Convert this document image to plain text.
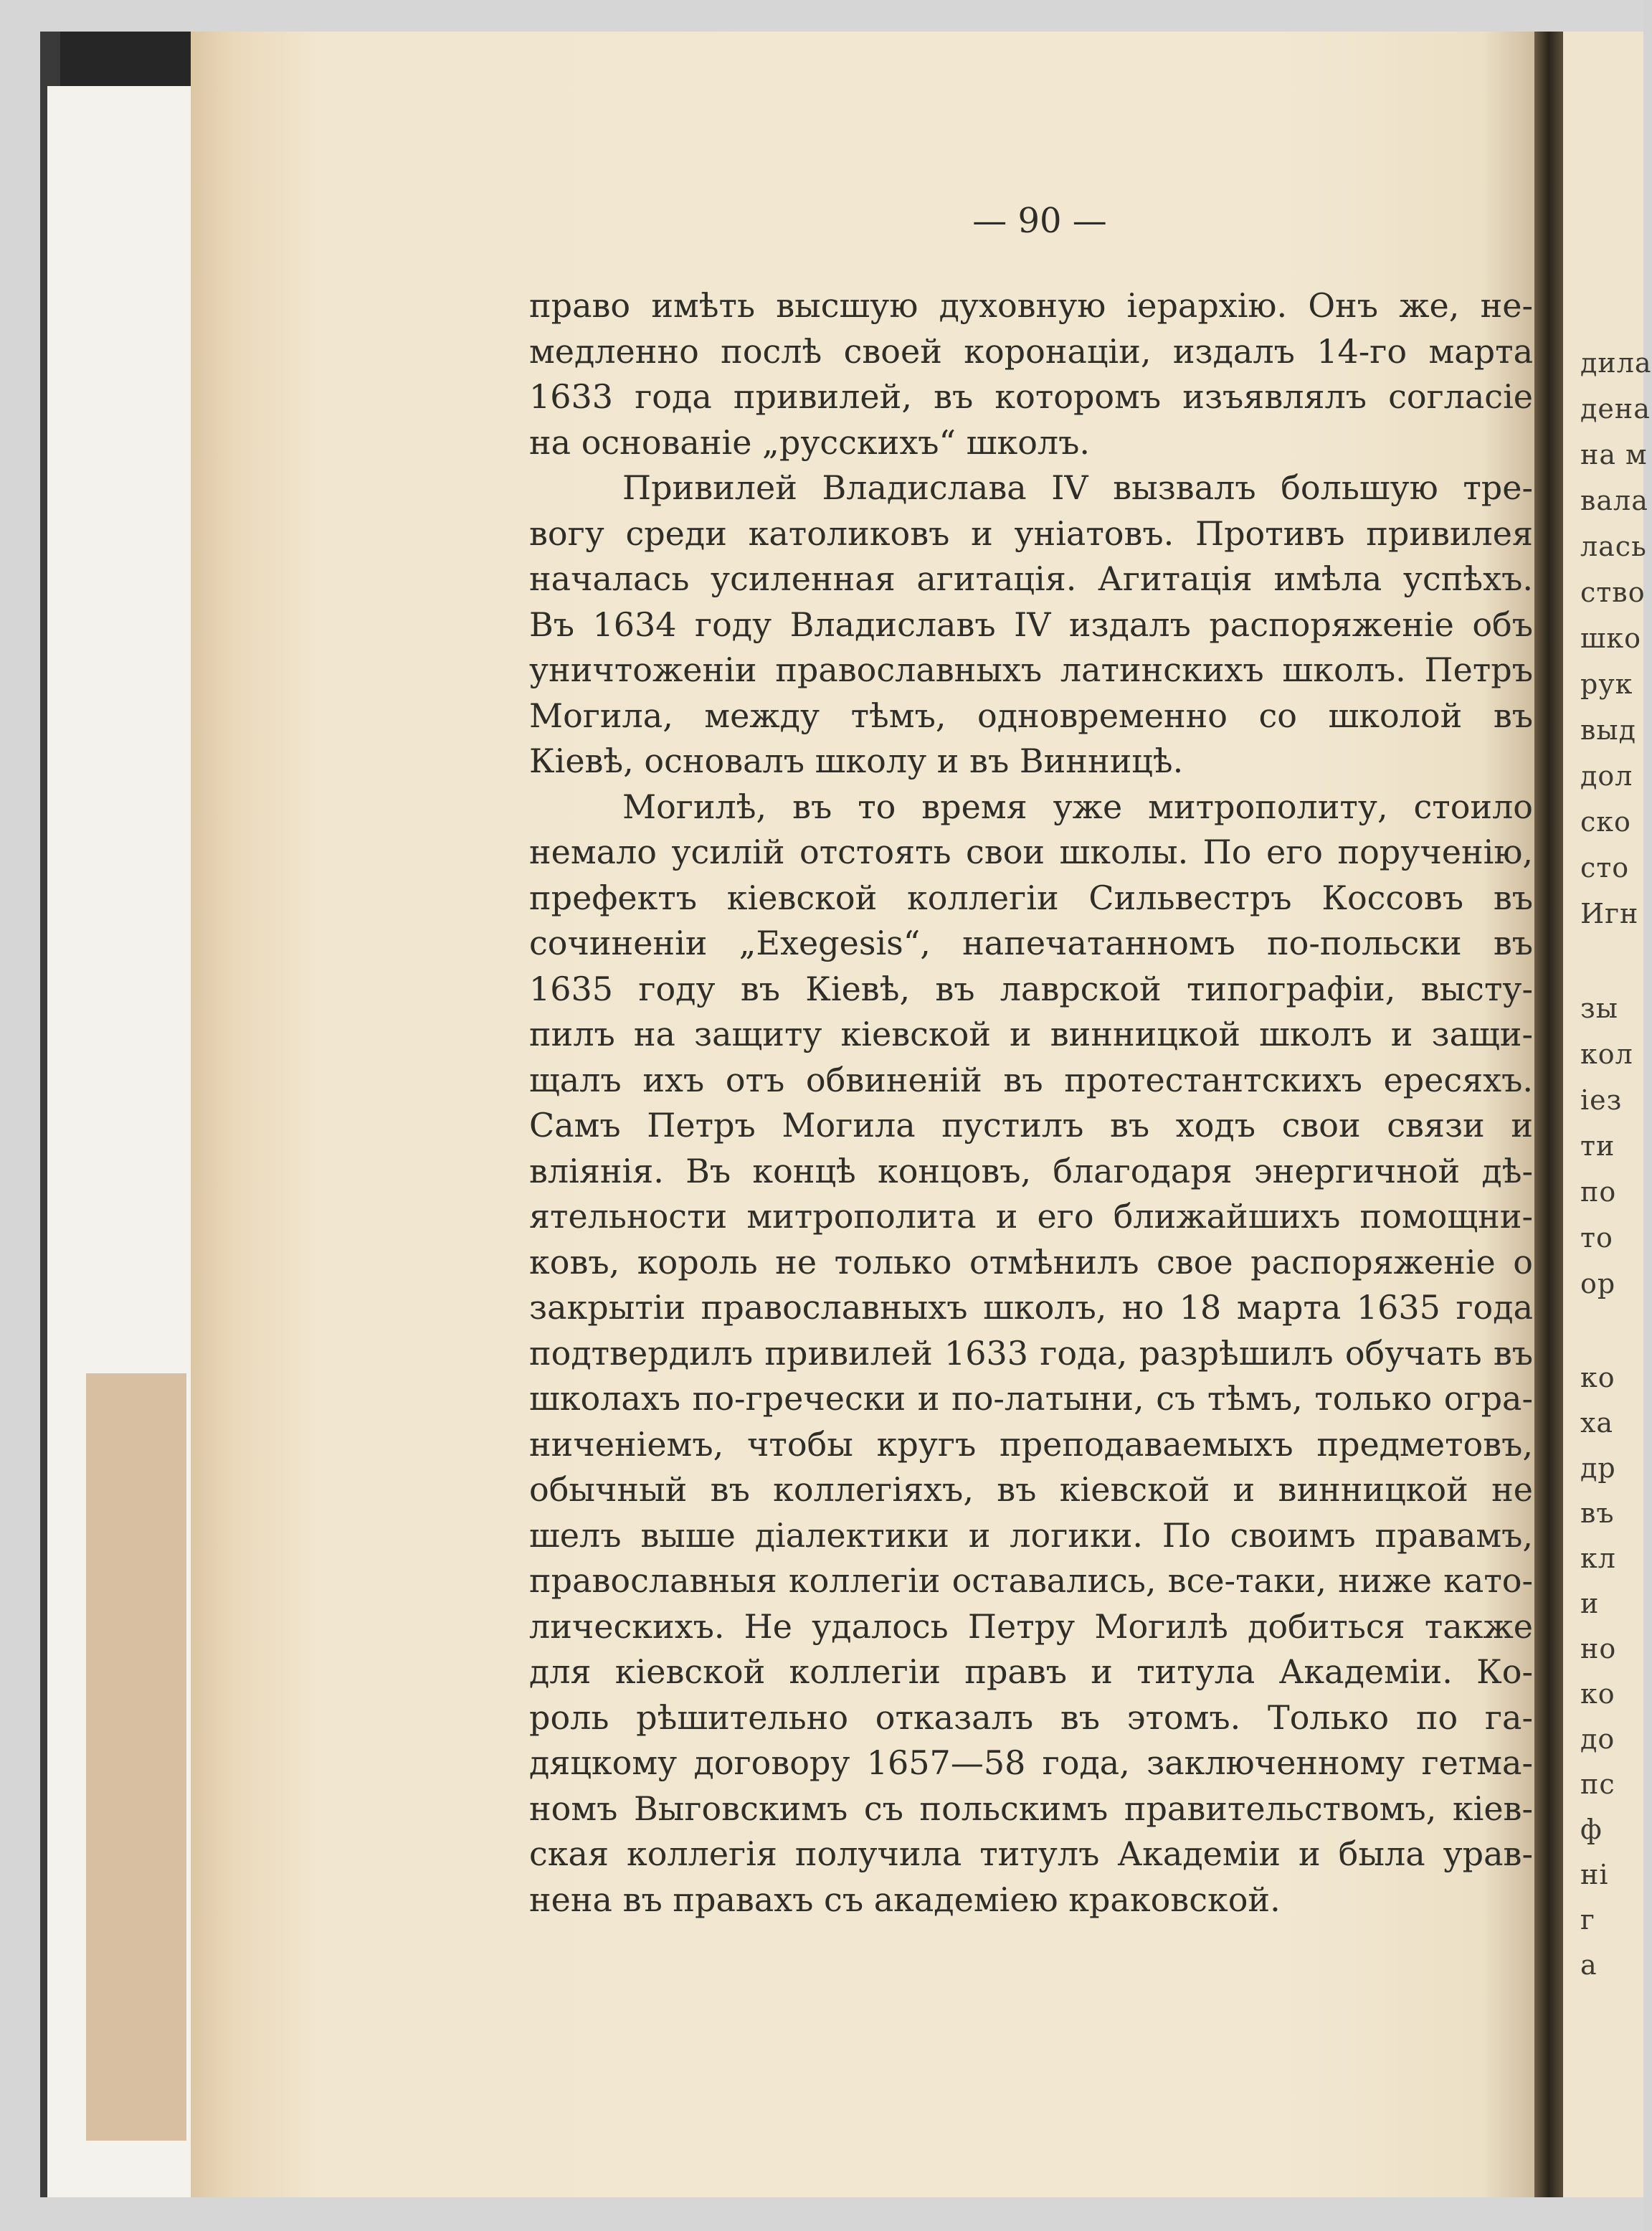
дила
дена
на м
вала
лась
ство
шко
рук
выд
дол
ско
сто
Игн
зы
кол
іез
ти
по
то
ор
ко
ха
др
въ
кл
и
но
ко
до
пс
ф
ні
г
а
— 90 —
право имѣть высшую духовную іерархію. Онъ же, не-
медленно послѣ своей коронаціи, издалъ 14-го марта
1633 года привилей, въ которомъ изъявлялъ согласіе
на основаніе „русскихъ“ школъ.
Привилей Владислава IV вызвалъ большую тре-
вогу среди католиковъ и уніатовъ. Противъ привилея
началась усиленная агитація. Агитація имѣла успѣхъ.
Въ 1634 году Владиславъ IV издалъ распоряженіе объ
уничтоженіи православныхъ латинскихъ школъ. Петръ
Могила, между тѣмъ, одновременно со школой въ
Кіевѣ, основалъ школу и въ Винницѣ.
Могилѣ, въ то время уже митрополиту, стоило
немало усилій отстоять свои школы. По его порученію,
префектъ кіевской коллегіи Сильвестръ Коссовъ въ
сочиненіи „Exegesis“, напечатанномъ по-польски въ
1635 году въ Кіевѣ, въ лаврской типографіи, высту-
пилъ на защиту кіевской и винницкой школъ и защи-
щалъ ихъ отъ обвиненій въ протестантскихъ ересяхъ.
Самъ Петръ Могила пустилъ въ ходъ свои связи и
вліянія. Въ концѣ концовъ, благодаря энергичной дѣ-
ятельности митрополита и его ближайшихъ помощни-
ковъ, король не только отмѣнилъ свое распоряженіе о
закрытіи православныхъ школъ, но 18 марта 1635 года
подтвердилъ привилей 1633 года, разрѣшилъ обучать въ
школахъ по-гречески и по-латыни, съ тѣмъ, только огра-
ниченіемъ, чтобы кругъ преподаваемыхъ предметовъ,
обычный въ коллегіяхъ, въ кіевской и винницкой не
шелъ выше діалектики и логики. По своимъ правамъ,
православныя коллегіи оставались, все-таки, ниже като-
лическихъ. Не удалось Петру Могилѣ добиться также
для кіевской коллегіи правъ и титула Академіи. Ко-
роль рѣшительно отказалъ въ этомъ. Только по га-
дяцкому договору 1657—58 года, заключенному гетма-
номъ Выговскимъ съ польскимъ правительствомъ, кіев-
ская коллегія получила титулъ Академіи и была урав-
нена въ правахъ съ академіею краковской.
